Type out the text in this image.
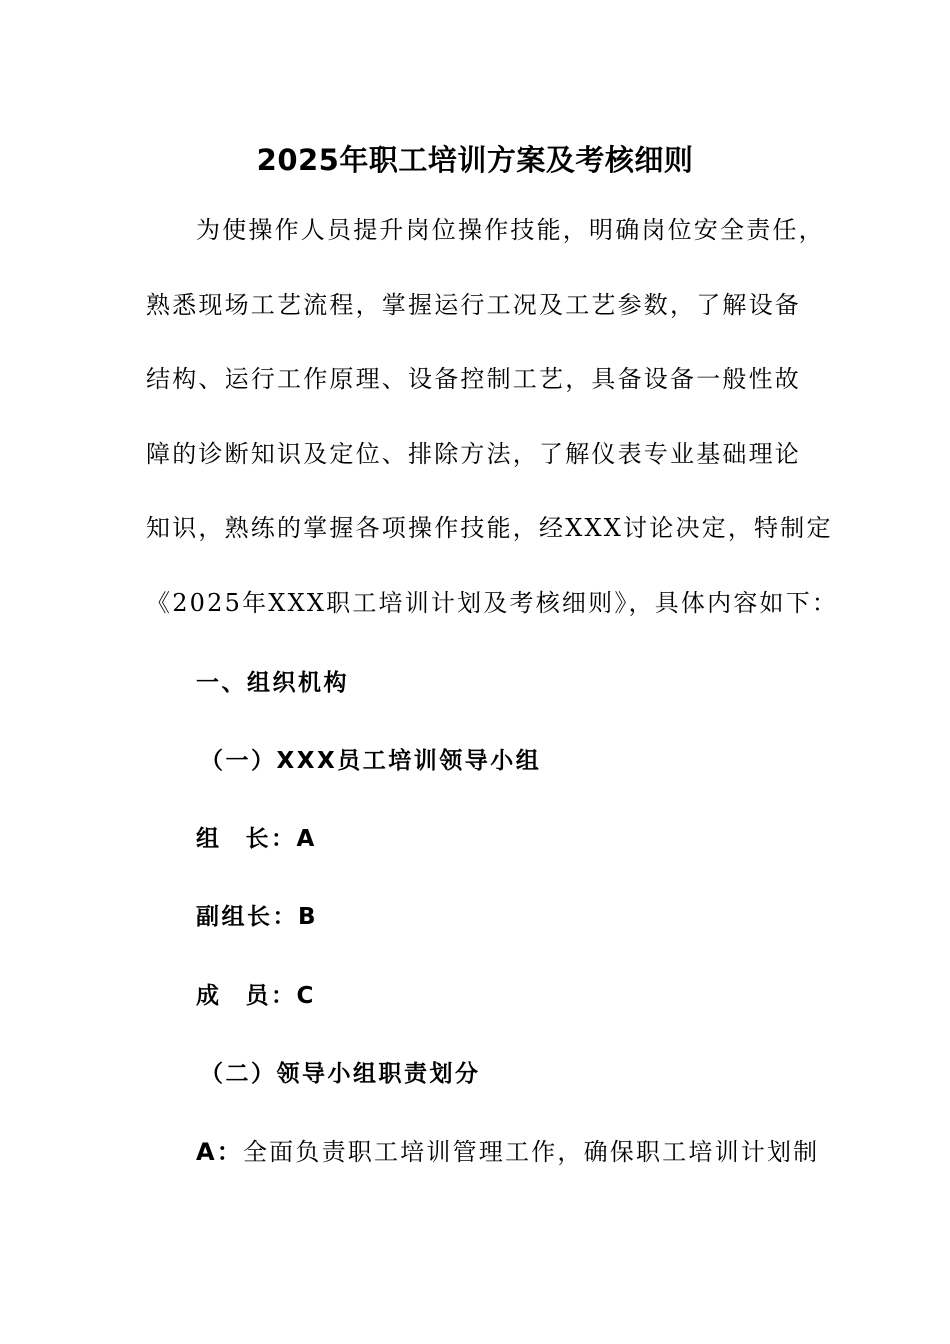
2025年职工培训方案及考核细则
为使操作人员提升岗位操作技能，明确岗位安全责任，
熟悉现场工艺流程，掌握运行工况及工艺参数，了解设备
结构、运行工作原理、设备控制工艺，具备设备一般性故
障的诊断知识及定位、排除方法，了解仪表专业基础理论
知识，熟练的掌握各项操作技能，经XXX讨论决定，特制定
《2025年XXX职工培训计划及考核细则》，具体内容如下：
一、组织机构
（一）XXX员工培训领导小组
组 长：A
副组长：B
成 员：C
（二）领导小组职责划分
A：全面负责职工培训管理工作，确保职工培训计划制
